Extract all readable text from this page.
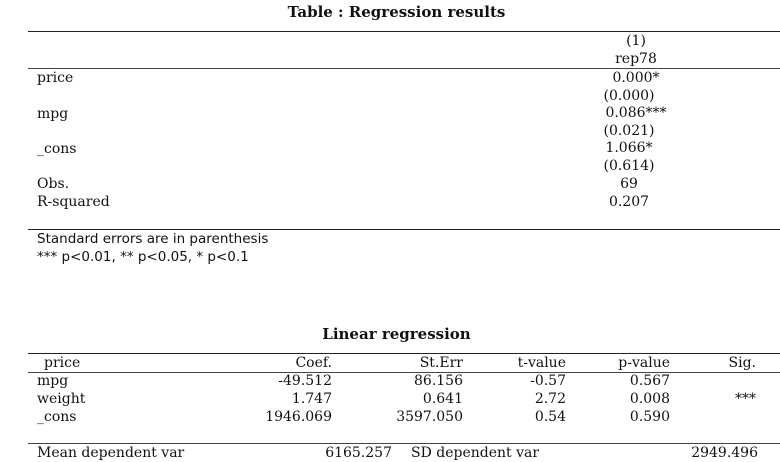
Table : Regression results
(1)
rep78
price	0.000*
(0.000)
mpg	0.086***
(0.021)
_cons	1.066*
(0.614)
Obs.	69
R-squared	0.207
Standard errors are in parenthesis
*** p<0.01, ** p<0.05, * p<0.1
Linear regression
price	Coef.	St.Err	t-value	p-value	Sig.
mpg	-49.512	86.156	-0.57	0.567
weight	1.747	0.641	2.72	0.008	***
_cons	1946.069	3597.050	0.54	0.590
Mean dependent var	6165.257 SD dependent var	2949.496
